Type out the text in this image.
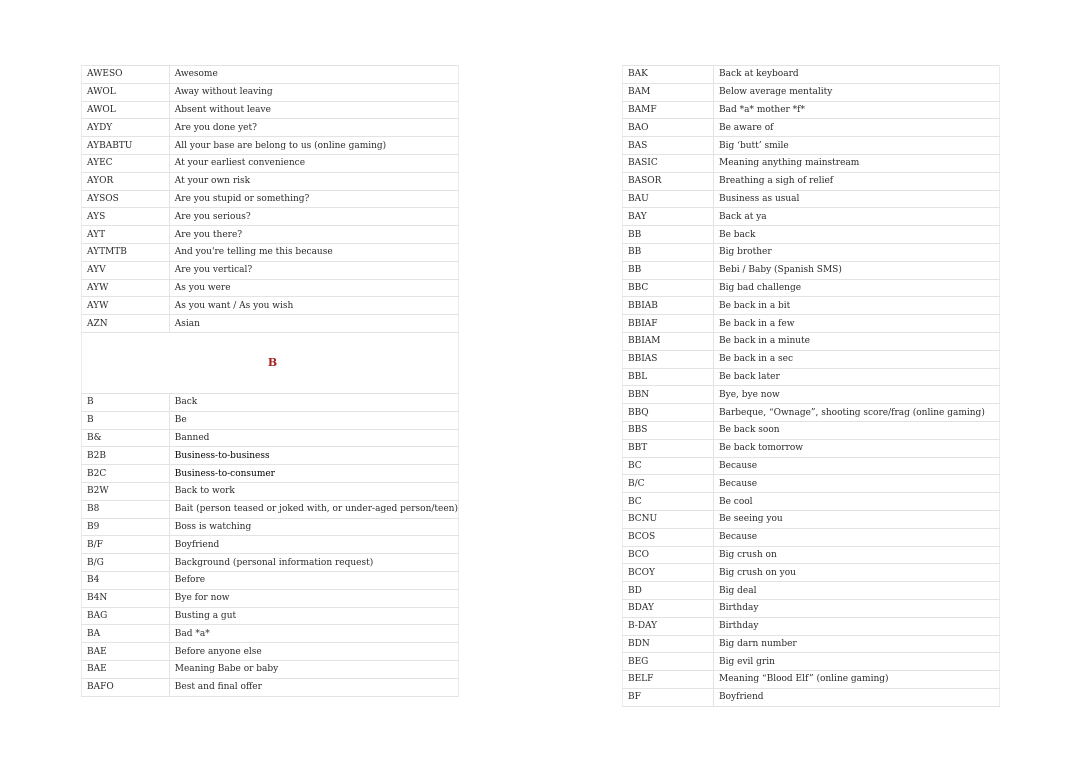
AWESO	Awesome
AWOL	Away without leaving
AWOL	Absent without leave
AYDY	Are you done yet?
AYBABTU	All your base are belong to us (online gaming)
AYEC	At your earliest convenience
AYOR	At your own risk
AYSOS	Are you stupid or something?
AYS	Are you serious?
AYT	Are you there?
AYTMTB	And you're telling me this because
AYV	Are you vertical?
AYW	As you were
AYW	As you want / As you wish
AZN	Asian
B	
B	Back
B	Be
B&	Banned
B2B	Business-to-business
B2C	Business-to-consumer
B2W	Back to work
B8	Bait (person teased or joked with, or under-aged person/teen)
B9	Boss is watching
B/F	Boyfriend
B/G	Background (personal information request)
B4	Before
B4N	Bye for now
BAG	Busting a gut
BA	Bad *a*
BAE	Before anyone else
BAE	Meaning Babe or baby
BAFO	Best and final offer
BAK	Back at keyboard
BAM	Below average mentality
BAMF	Bad *a* mother *f*
BAO	Be aware of
BAS	Big ‘butt’ smile
BASIC	Meaning anything mainstream
BASOR	Breathing a sigh of relief
BAU	Business as usual
BAY	Back at ya
BB	Be back
BB	Big brother
BB	Bebi / Baby (Spanish SMS)
BBC	Big bad challenge
BBIAB	Be back in a bit
BBIAF	Be back in a few
BBIAM	Be back in a minute
BBIAS	Be back in a sec
BBL	Be back later
BBN	Bye, bye now
BBQ	Barbeque, “Ownage”, shooting score/frag (online gaming)
BBS	Be back soon
BBT	Be back tomorrow
BC	Because
B/C	Because
BC	Be cool
BCNU	Be seeing you
BCOS	Because
BCO	Big crush on
BCOY	Big crush on you
BD	Big deal
BDAY	Birthday
B-DAY	Birthday
BDN	Big darn number
BEG	Big evil grin
BELF	Meaning “Blood Elf” (online gaming)
BF	Boyfriend
